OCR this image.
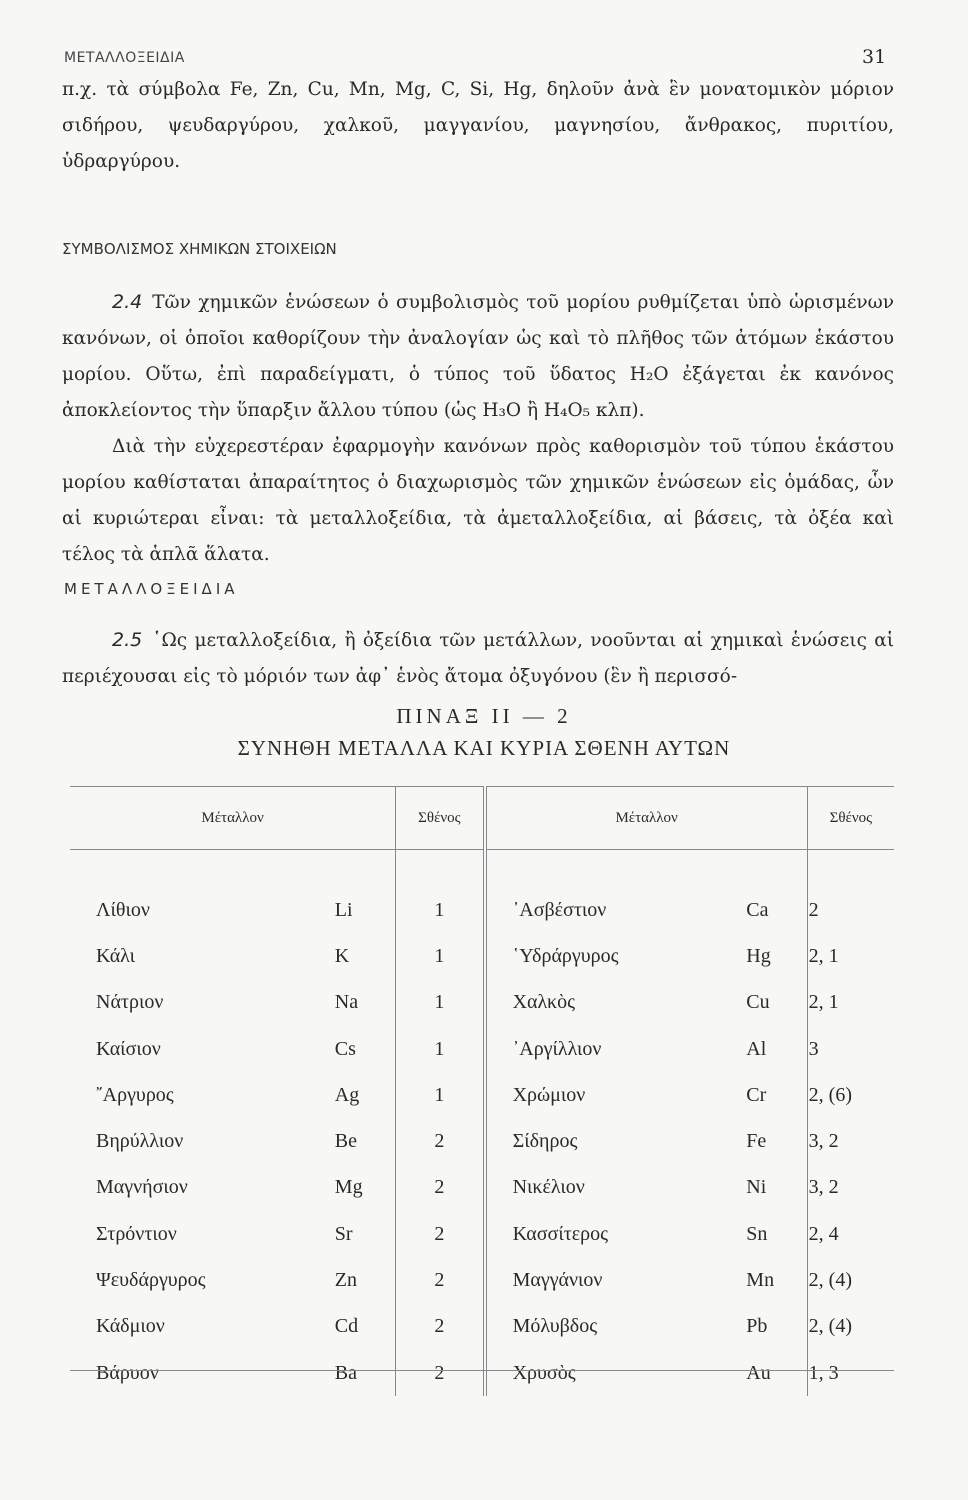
ΜΕΤΑΛΛΟΞΕΙΔΙΑ	31

π.χ. τὰ σύμβολα Fe, Zn, Cu, Mn, Mg, C, Si, Hg, δηλοῦν ἀνὰ ἓν μονατομικὸν μόριον σιδήρου, ψευδαργύρου, χαλκοῦ, μαγγανίου, μαγνησίου, ἄνθρακος, πυριτίου, ὑδραργύρου.

ΣΥΜΒΟΛΙΣΜΟΣ ΧΗΜΙΚΩΝ ΣΤΟΙΧΕΙΩΝ

2.4 Τῶν χημικῶν ἑνώσεων ὁ συμβολισμὸς τοῦ μορίου ρυθμίζεται ὑπὸ ὡρισμένων κανόνων, οἱ ὁποῖοι καθορίζουν τὴν ἀναλογίαν ὡς καὶ τὸ πλῆθος τῶν ἀτόμων ἑκάστου μορίου. Οὕτω, ἐπὶ παραδείγματι, ὁ τύπος τοῦ ὕδατος H₂O ἐξάγεται ἐκ κανόνος ἀποκλείοντος τὴν ὕπαρξιν ἄλλου τύπου (ὡς H₃O ἢ H₄O₅ κλπ).

Διὰ τὴν εὐχερεστέραν ἐφαρμογὴν κανόνων πρὸς καθορισμὸν τοῦ τύπου ἑκάστου μορίου καθίσταται ἀπαραίτητος ὁ διαχωρισμὸς τῶν χημικῶν ἑνώσεων εἰς ὁμάδας, ὧν αἱ κυριώτεραι εἶναι: τὰ μεταλλοξείδια, τὰ ἀμεταλλοξείδια, αἱ βάσεις, τὰ ὀξέα καὶ τέλος τὰ ἁπλᾶ ἅλατα.

ΜΕΤΑΛΛΟΞΕΙΔΙΑ

2.5 ῾Ως μεταλλοξείδια, ἢ ὀξείδια τῶν μετάλλων, νοοῦνται αἱ χημικαὶ ἑνώσεις αἱ περιέχουσαι εἰς τὸ μόριόν των ἀφ᾽ ἑνὸς ἄτομα ὀξυγόνου (ἓν ἢ περισσό-

ΠΙΝΑΞ ΙΙ — 2
ΣΥΝΗΘΗ ΜΕΤΑΛΛΑ ΚΑΙ ΚΥΡΙΑ ΣΘΕΝΗ ΑΥΤΩΝ
Μέταλλον		Σθένος	Μέταλλον		Σθένος
Λίθιον	Li	1	᾽Ασβέστιον	Ca	2
Κάλι	K	1	῾Υδράργυρος	Hg	2, 1
Νάτριον	Na	1	Χαλκὸς	Cu	2, 1
Καίσιον	Cs	1	᾽Αργίλλιον	Al	3
῎Αργυρος	Ag	1	Χρώμιον	Cr	2, (6)
Βηρύλλιον	Be	2	Σίδηρος	Fe	3, 2
Μαγνήσιον	Mg	2	Νικέλιον	Ni	3, 2
Στρόντιον	Sr	2	Κασσίτερος	Sn	2, 4
Ψευδάργυρος	Zn	2	Μαγγάνιον	Mn	2, (4)
Κάδμιον	Cd	2	Μόλυβδος	Pb	2, (4)
Βάρυον	Ba	2	Χρυσὸς	Au	1, 3
